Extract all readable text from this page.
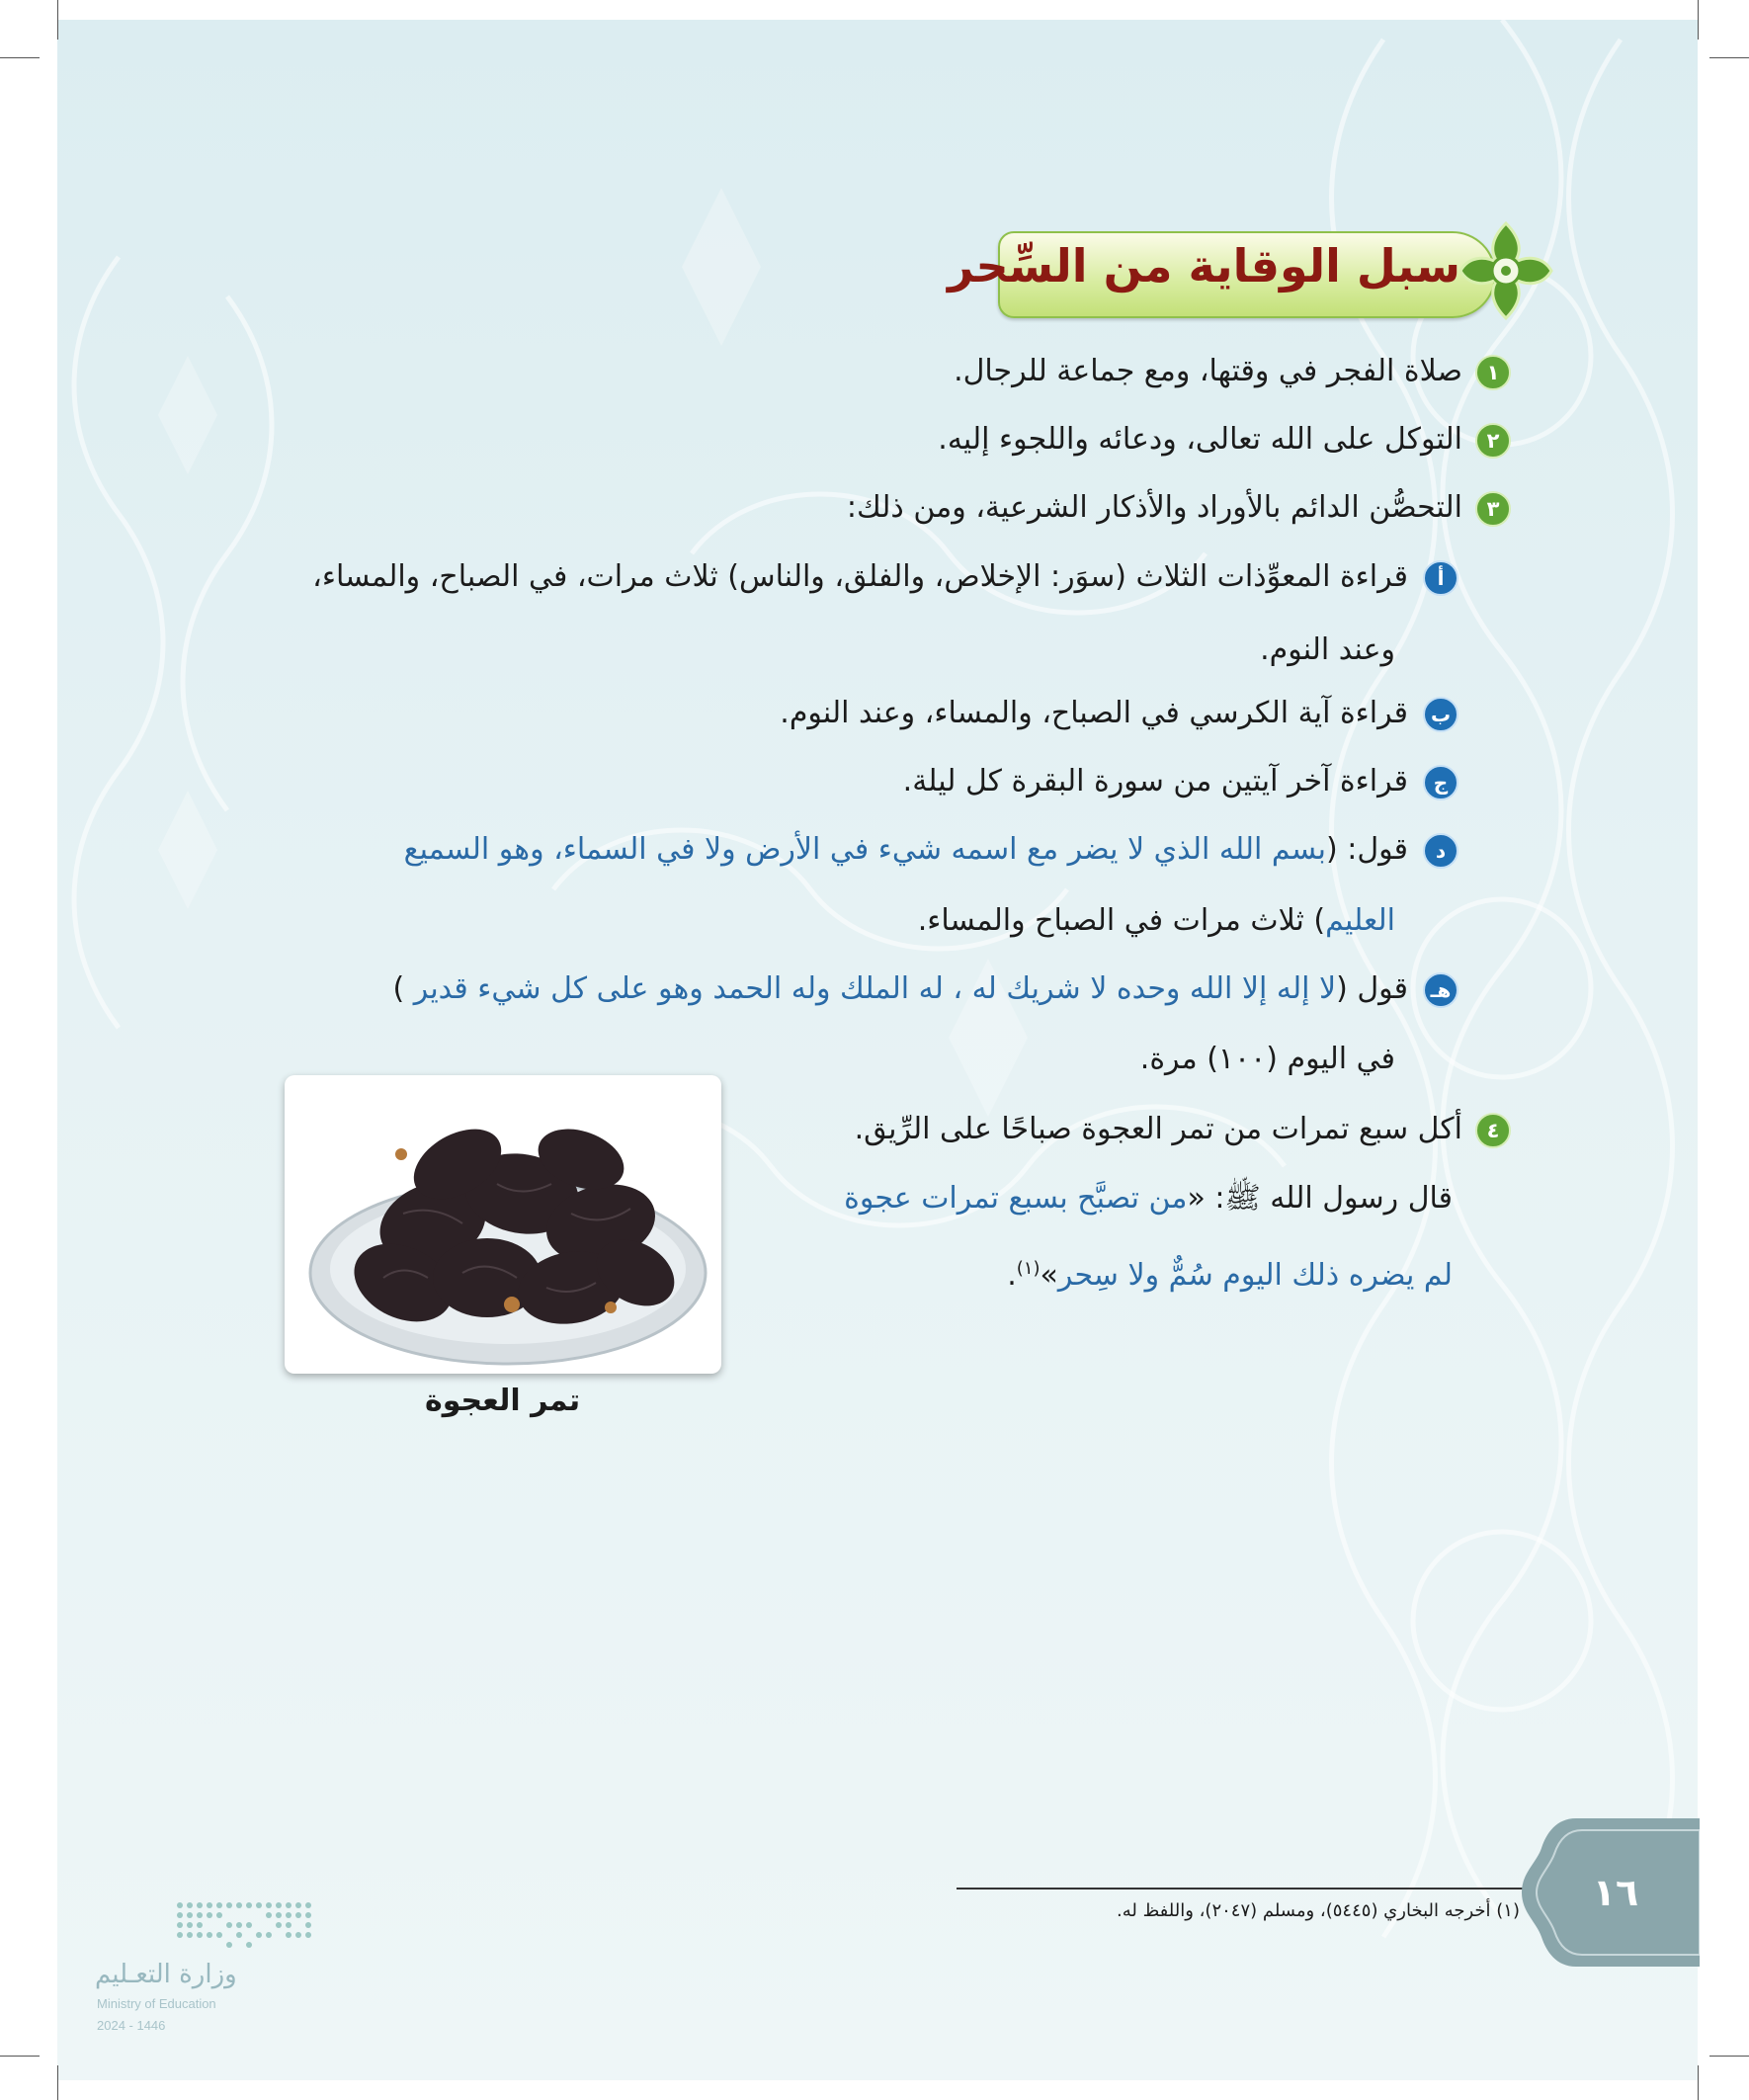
سبل الوقاية من السِّحر
١
صلاة الفجر في وقتها، ومع جماعة للرجال.
٢
التوكل على الله تعالى، ودعائه واللجوء إليه.
٣
التحصُّن الدائم بالأوراد والأذكار الشرعية، ومن ذلك:
أ
قراءة المعوِّذات الثلاث (سوَر: الإخلاص، والفلق، والناس) ثلاث مرات، في الصباح، والمساء،
وعند النوم.
ب
قراءة آية الكرسي في الصباح، والمساء، وعند النوم.
ج
قراءة آخر آيتين من سورة البقرة كل ليلة.
د
قول: (بسم الله الذي لا يضر مع اسمه شيء في الأرض ولا في السماء، وهو السميع
العليم) ثلاث مرات في الصباح والمساء.
هـ
قول (لا إله إلا الله وحده لا شريك له ، له الملك وله الحمد وهو على كل شيء قدير )
في اليوم (١٠٠) مرة.
٤
أكل سبع تمرات من تمر العجوة صباحًا على الرِّيق.
قال رسول الله ﷺ: «من تصبَّح بسبع تمرات عجوة
لم يضره ذلك اليوم سُمٌّ ولا سِحر»$^{(١)}$.
تمر العجوة
(١) أخرجه البخاري (٥٤٤٥)، ومسلم (٢٠٤٧)، واللفظ له.	١٦
وزارة التعـليم
Ministry of Education
2024 - 1446
